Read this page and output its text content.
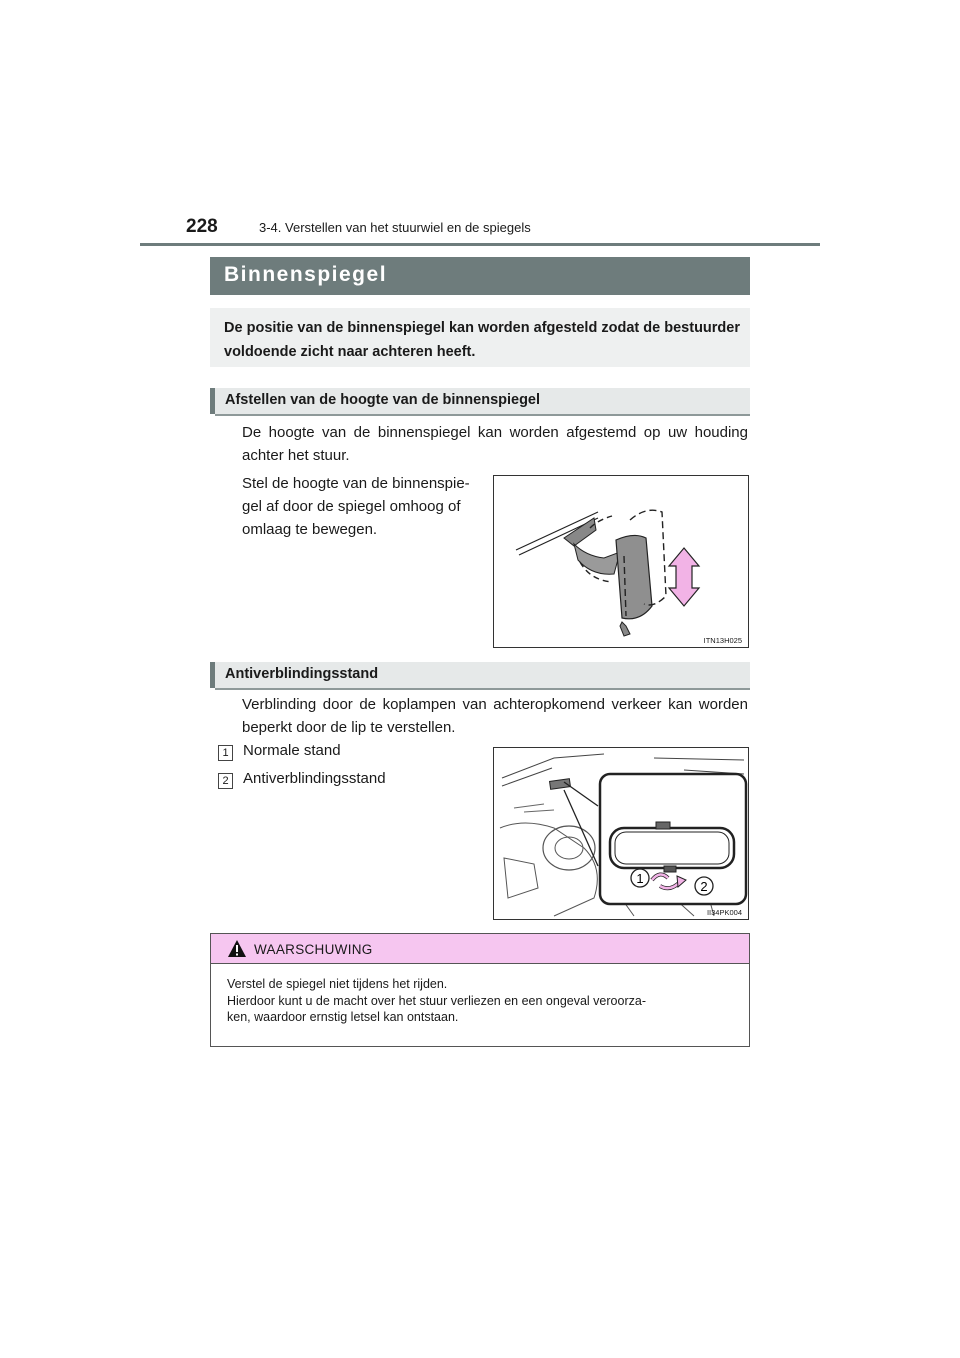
228	3-4. Verstellen van het stuurwiel en de spiegels
Binnenspiegel
De positie van de binnenspiegel kan worden afgesteld zodat de bestuurder voldoende zicht naar achteren heeft.
Afstellen van de hoogte van de binnenspiegel
De hoogte van de binnenspiegel kan worden afgestemd op uw houding achter het stuur.
Stel de hoogte van de binnenspie-
gel af door de spiegel omhoog of
omlaag te bewegen.
ITN13H025
Antiverblindingsstand
Verblinding door de koplampen van achteropkomend verkeer kan worden beperkt door de lip te verstellen.
1 Normale stand
2 Antiverblindingsstand
1
2
II34PK004
WAARSCHUWING
Verstel de spiegel niet tijdens het rijden.
Hierdoor kunt u de macht over het stuur verliezen en een ongeval veroorza-
ken, waardoor ernstig letsel kan ontstaan.
